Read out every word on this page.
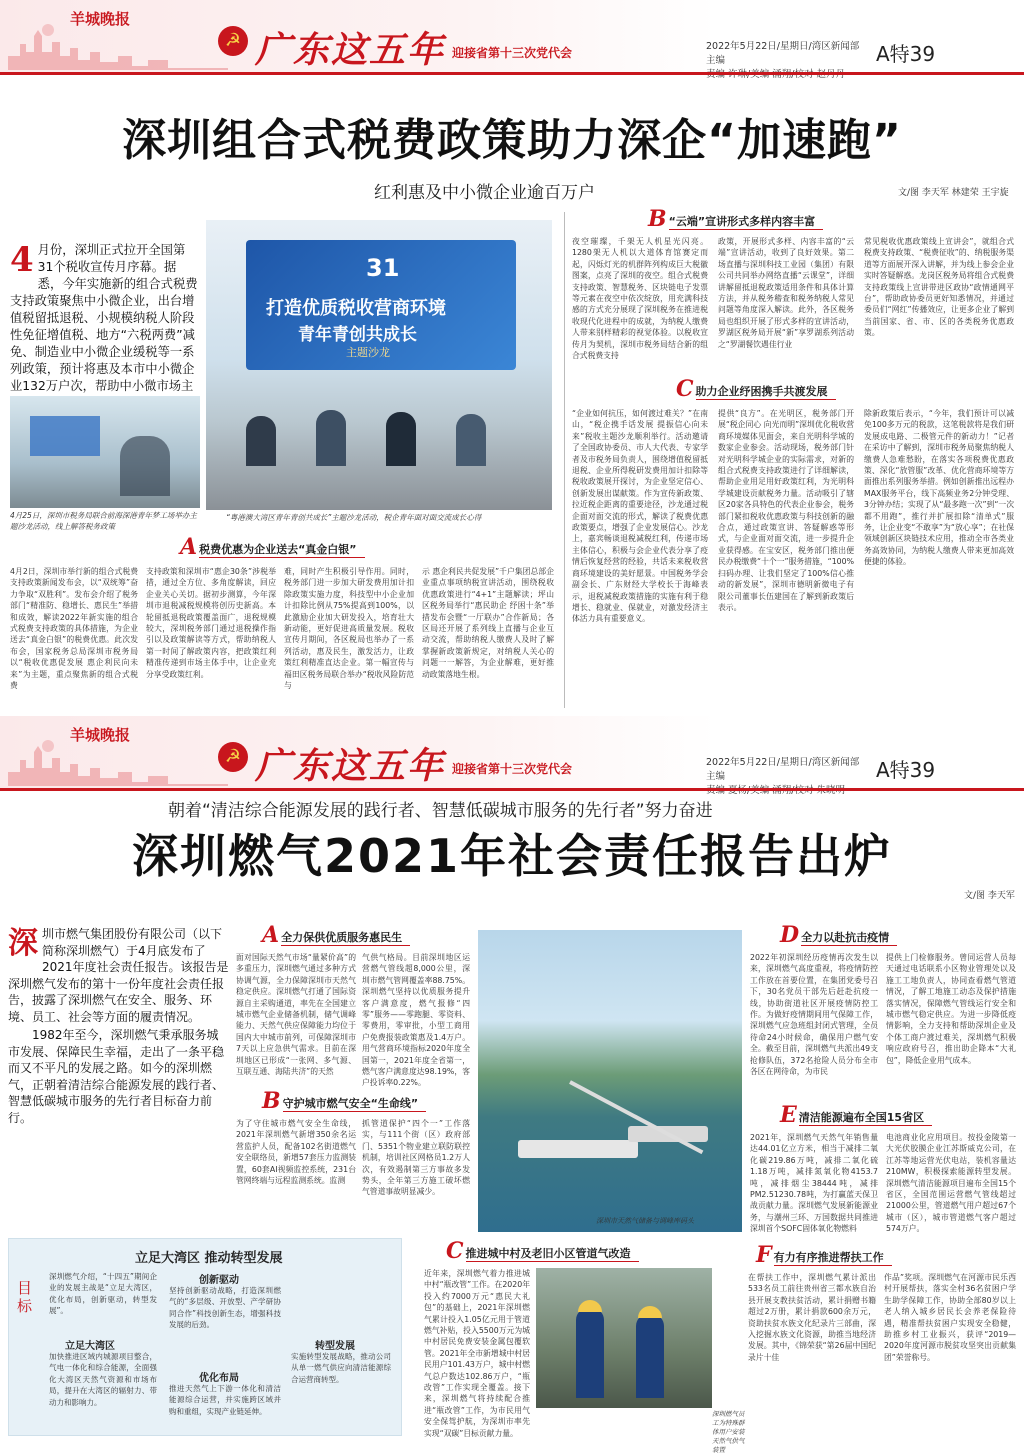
羊城晚报
☭ 广东这五年 迎接省第十三次党代会	2022年5月22日/星期日/湾区新闻部主编	A特39
深圳组合式税费政策助力深企“加速跑”
红利惠及中小微企业逾百万户	文/图 李天军 林建荣 王宇旋
4 月份，深圳正式拉开全国第31个税收宣传月序幕。据悉，今年实施新的组合式税费支持政策聚焦中小微企业，出台增值税留抵退税、小规模纳税人阶段性免征增值税、地方“六税两费”减免、制造业中小微企业缓税等一系列政策，预计将惠及本市中小微企业132万户次，帮助中小微市场主
4月25日，深圳市税务局联合前海深港青年梦工场举办主题沙龙活动，线上解答税务政策
31
打造优质税收营商环境
青年青创共成长
主题沙龙
“粤港澳大湾区青年青创共成长”主题沙龙活动，税企青年面对面交流成长心得
A 税费优惠为企业送去“真金白银”
4月2日，深圳市举行新的组合式税费支持政策新闻发布会，以“双统筹”奋力争取“双胜利”。发布会介绍了税务部门“精准防、稳增长、惠民生”举措和成效，解读2022年新实施的组合式税费支持政策的具体措施，为企业送去“真金白银”的税费优惠。此次发布会，国家税务总局深圳市税务局以“税收优惠促发展 惠企利民向未来”为主题，重点聚焦新的组合式税费
支持政策和深圳市“惠企30条”涉税举措，通过全方位、多角度解读，回应企业关心关切。据初步测算，今年深圳市退税减税规模将创历史新高。本轮留抵退税政策覆盖面广，退税规模较大，深圳税务部门通过退税操作指引以及政策解读等方式，帮助纳税人第一时间了解政策内容，把政策红利精准传递到市场主体手中，让企业充分享受政策红利。
难，同时产生积极引导作用。同时，税务部门进一步加大研发费用加计扣除政策实施力度，科技型中小企业加计扣除比例从75%提高到100%，以此激励企业加大研发投入，培育壮大新动能，更好促进高质量发展。税收宣传月期间，各区税局也举办了一系列活动，惠及民生，激发活力，让政策红利精准直达企业。第一幅宣传与福田区税务局联合举办“税收风险防范与
示 惠企利民共促发展”千户集团总部企业重点事项纳税宣讲活动，围绕税收优惠政策进行“4+1”主题解读；坪山区税务局举行“惠民助企 纾困十条”举措发布会暨“一厅联办”合作新局；各区局还开展了系列线上直播与企业互动交流，帮助纳税人缴费人及时了解掌握新政策新规定，对纳税人关心的问题一一解答，为企业解难，更好推动政策落地生根。
B “云端”宣讲形式多样内容丰富
夜空璀璨，千架无人机星光闪亮。1280架无人机以大道体育馆赛定而起，闪烁灯光的机群阵列构成巨大税徽图案，点亮了深圳的夜空。组合式税费支持政策、智慧税务、区块链电子发票等元素在夜空中依次绽放，用充满科技感的方式充分展现了深圳税务在推进税收现代化进程中的成就，为纳税人缴费人带来别样精彩的视觉体验。以税收宣传月为契机，深圳市税务局结合新的组合式税费支持
政策，开展形式多样、内容丰富的“云端”宣讲活动，收到了良好效果。第二场直播与深圳科技工业园（集团）有限公司共同举办网络直播“云课堂”，详细讲解留抵退税政策适用条件和具体计算方法，并从税务稽查和税务纳税人常见问题等角度深入解读。此外，各区税务局也组织开展了形式多样的宣讲活动，罗湖区税务局开展“新”享罗湖系列活动之“罗湖餐饮遇佳行业
常见税收优惠政策线上宣讲会”，就组合式税费支持政策、“税费征收”的、纳税服务渠道等方面展开深入讲解，并为线上参会企业实时答疑解惑。龙岗区税务局将组合式税费支持政策线上宣讲带进区政协“政情通网平台”，帮助政协委员更好知悉情况，并通过委员们“网红”传播效应，让更多企业了解到当前国家、省、市、区的各类税务优惠政策。
C 助力企业纾困携手共渡发展
“企业如何抗压，如何渡过难关？”在南山，“税企携手话发展 提振信心向未来”税收主题沙龙顺利举行。活动邀请了全国政协委员、市人大代表、专家学者及市税务局负责人，围绕增值税留抵退税、企业所得税研发费用加计扣除等税收政策展开探讨，为企业坚定信心、创新发展出谋献策。作为宣传新政策、拉近税企距离的重要途径，沙龙通过税企面对面交流的形式，解读了税费优惠政策要点，增强了企业发展信心。沙龙上，嘉宾畅谈退税减税红利，传递市场主体信心，积极与会企业代表分享了疫情后恢复经营的经验，共话未来税收营商环境建设的美好愿景。中国税务学会副会长、广东财经大学校长于海峰表示，退税减税政策措施的实施有利于稳增长、稳就业、保就业，对激发经济主体活力具有重要意义。
提供“良方”。在光明区，税务部门开展“税企同心 向光而明”深圳优化税收营商环境媒体见面会，来自光明科学城的数家企业参会。活动现场，税务部门针对光明科学城企业的实际需求，对新的组合式税费支持政策进行了详细解读，帮助企业用足用好政策红利，为光明科学城建设贡献税务力量。活动吸引了辖区20家各具特色的代表企业参会，税务部门紧扣税收优惠政策与科技创新的融合点，通过政策宣讲、答疑解惑等形式，与企业面对面交流，进一步提升企业获得感。在宝安区，税务部门推出便民办税缴费“十个一”服务措施，“100%扫码办理、让我们坚定了100%信心推动的新发展”，深圳市德明新微电子有限公司董事长伍建国在了解到新政策后表示。
除新政策后表示，“今年，我们预计可以减免100多万元的税款，这笔税款将是我们研发展成电路、二极管元件的新动力！”记者在采访中了解到，深圳市税务局聚焦纳税人缴费人急难愁盼，在落实各项税费优惠政策、深化“放管服”改革、优化营商环境等方面推出系列服务举措。例如创新推出远程办MAX服务平台，线下高频业务2分钟受理、3分钟办结；实现了从“最多跑一次”到“一次都不用跑”，推行并扩展扣除“清单式”服务，让企业变“不敢享”为“放心享”；在社保领域创新区块链技术应用，推动全市各类业务高效协同，为纳税人缴费人带来更加高效便捷的体验。
羊城晚报
☭ 广东这五年 迎接省第十三次党代会	2022年5月22日/星期日/湾区新闻部主编	A特39
朝着“清洁综合能源发展的践行者、智慧低碳城市服务的先行者”努力奋进
深圳燃气2021年社会责任报告出炉
文/图 李天军
深圳市燃气集团股份有限公司（以下简称深圳燃气）于4月底发布了2021年度社会责任报告。该报告是深圳燃气发布的第十一份年度社会责任报告，披露了深圳燃气在安全、服务、环境、员工、社会等方面的履责情况。
1982年至今，深圳燃气秉承服务城市发展、保障民生幸福，走出了一条平稳而又不平凡的发展之路。如今的深圳燃气，正朝着清洁综合能源发展的践行者、智慧低碳城市服务的先行者目标奋力前行。
A 全力保供优质服务惠民生
面对国际天然气市场“量紧价高”的多重压力，深圳燃气通过多种方式协调气源，全力保障深圳市天然气稳定供应。深圳燃气打通了国际资源自主采购通道，率先在全国建立城市燃气企业储备机制，储气调峰能力、天然气供应保障能力均位于国内大中城市前列，可保障深圳市7天以上应急供气需求。目前在深圳地区已形成“一张网、多气源、互联互通、海陆共济”的天然
气供气格局。目前深圳地区运营燃气管线超8,000公里，深圳市燃气管网覆盖率88.75%。深圳燃气坚持以优质服务提升客户满意度，燃气报修“四零”服务——零跑腿、零资料、零费用，零审批，小型工商用户免费报装政策惠及1.4万户。用气营商环境指标2020年度全国第一，2021年度全省第一，燃气客户满意度达98.19%，客户投诉率0.22%。
B 守护城市燃气安全“生命线”
为了守住城市燃气安全生命线，2021年深圳燃气新增350余名运营监护人员，配备102名街道燃气安全联络员，新增57套压力监测装置，60套AI视频监控系统，231台管网终端与远程监测系统。监测
抓管道保护“四个一”工作落实，与111个街（区）政府部门、5351个物业建立联防联控机制，培训社区网格员1.2万人次，有效遏制第三方事故多发势头，全年第三方施工破坏燃气管道事故明显减少。
深圳市天然气储备与调峰库码头
D 全力以赴抗击疫情
2022年初深圳经历疫情再次发生以来，深圳燃气高度重视，将疫情防控工作放在首要位置，在集团党委号召下，30名党员干部先后赶赴抗疫一线，协助街道社区开展疫情防控工作。为做好疫情期间用气保障工作，深圳燃气应急班组封闭式管理，全员待命24小时候命，确保用户燃气安全。截至目前，深圳燃气共派出49支抢修队伍，372名抢险人员分布全市各区在网待命，为市民
提供上门检修服务。曾同运营人员每天通过电话联系小区物业管理处以及施工工地负责人，协同查看燃气管道情况，了解工地施工动态及保护措施落实情况，保障燃气管线运行安全和城市燃气稳定供应。为进一步降低疫情影响，全力支持和帮助深圳企业及个体工商户渡过难关，深圳燃气积极响应政府号召，推出助企降本“大礼包”，降低企业用气成本。
E 清洁能源遍布全国15省区
2021年，深圳燃气天然气年销售量达44.01亿立方米，相当于减排二氧化碳219.86万吨，减排二氧化硫1.18万吨，减排氮氧化物4153.7吨，减排烟尘38444吨，减排PM2.51230.78吨，为打赢蓝天保卫战贡献力量。深圳燃气发展新能源业务，与潮州三环、万国数据共同推进深圳首个SOFC固体氧化物燃料
电池商业化应用项目。按投金陵第一大光伏胶膜企业江苏斯威克公司，在江苏等地运营光伏电站，装机容量达210MW，积极探索能源转型发展。深圳燃气清洁能源项目遍布全国15个省区，全国范围运营燃气管线超过21000公里，管道燃气用户超过67个城市（区），城市管道燃气客户超过574万户。
立足大湾区 推动转型发展
目标
深圳燃气介绍，“十四五”期间企业的发展主战是“立足大湾区，优化布局，创新驱动，转型发展”。
立足大湾区
加快推进区域内城源项目整合，气电一体化和综合能源，全面强化大湾区天然气资源和市场布局，提升在大湾区的辐射力、带动力和影响力。
创新驱动
坚持创新驱动战略，打造深圳燃气的“多层级、开放型、产学研协同合作”科技创新生态，增强科技发展的后劲。
优化布局
推进天然气上下游一体化和清洁能源综合运营，并实施跨区域并购和重组，实现产业链延伸。
转型发展
实施转型发展战略，推动公司从单一燃气供应向清洁能源综合运营商转型。
C 推进城中村及老旧小区管道气改造
近年来，深圳燃气着力推进城中村“瓶改管”工作。在2020年投入约7000万元“惠民大礼包”的基础上，2021年深圳燃气累计投入1.05亿元用于管道燃气补贴，投入5500万元为城中村居民免费安装金属包覆软管。2021年全市新增城中村居民用户101.43万户，城中村燃气总户数达102.86万户，“瓶改管”工作实现全覆盖。接下来，深圳燃气将持续配合推进“瓶改管”工作，为市民用气安全保驾护航，为深圳市率先实现“双碳”目标贡献力量。
F 有力有序推进帮扶工作
在帮扶工作中，深圳燃气累计派出533名员工前往贵州省三都水族自治县开展支教扶贫活动，累计捐赠书籍超过2万册，累计捐款600余万元，资助扶贫水族文化纪录片三部曲，深入挖掘水族文化资源，助推当地经济发展。其中，《锦荣获“第26届中国纪录片十佳
作品”奖项。深圳燃气在河源市民乐西村开展帮扶，落实全村36名贫困户学生助学保障工作，协助全部80岁以上老人纳入城乡居民长会养老保险待遇，精准帮扶贫困户实现安全稳健，助推乡村工业振兴，获评“2019—2020年度河源市脱贫攻坚突出贡献集团”荣誉称号。
深圳燃气员工为特殊群体用户安装天然气供气装置
